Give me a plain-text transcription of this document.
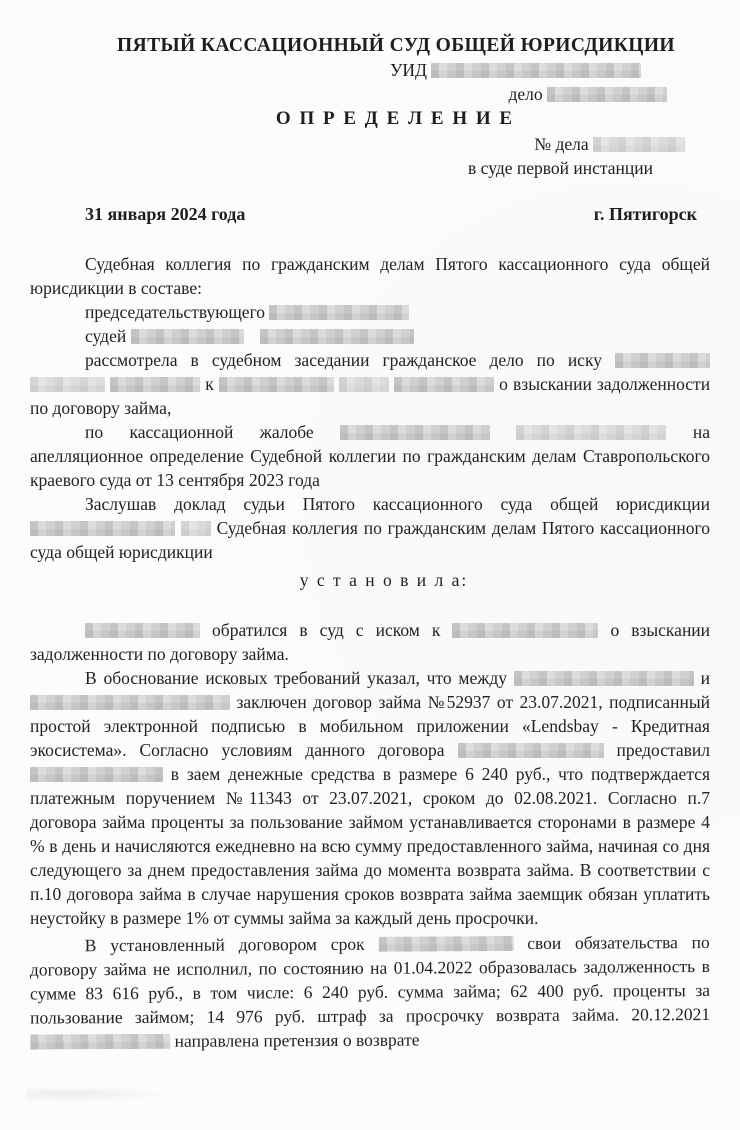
ПЯТЫЙ КАССАЦИОННЫЙ СУД ОБЩЕЙ ЮРИСДИКЦИИ
УИД
дело
О П Р Е Д Е Л Е Н И Е
№ дела
в суде первой инстанции
31 января 2024 года	г. Пятигорск

Судебная коллегия по гражданским делам Пятого кассационного суда общей юрисдикции в составе:

председательствующего

судей

рассмотрела в судебном заседании гражданское дело по иску    к	о взыскании задолженности по договору займа,

по кассационной жалобе	на апелляционное определение Судебной коллегии по гражданским делам Ставропольского краевого суда от 13 сентября 2023 года

Заслушав доклад судьи Пятого кассационного суда общей юрисдикции   Судебная коллегия по гражданским делам Пятого кассационного суда общей юрисдикции

у с т а н о в и л а:

обратился в суд с иском к	о взыскании задолженности по договору займа.

В обоснование исковых требований указал, что между	и  заключен договор займа №52937 от 23.07.2021, подписанный простой электронной подписью в мобильном приложении «Lendsbay - Кредитная экосистема». Согласно условиям данного договора	предоставил  в заем денежные средства в размере 6 240 руб., что подтверждается платежным поручением №11343 от 23.07.2021, сроком до 02.08.2021. Согласно п.7 договора займа проценты за пользование займом устанавливается сторонами в размере 4 % в день и начисляются ежедневно на всю сумму предоставленного займа, начиная со дня следующего за днем предоставления займа до момента возврата займа. В соответствии с п.10 договора займа в случае нарушения сроков возврата займа заемщик обязан уплатить неустойку в размере 1% от суммы займа за каждый день просрочки.

В установленный договором срок	свои обязательства по договору займа не исполнил, по состоянию на 01.04.2022 образовалась задолженность в сумме 83 616 руб., в том числе: 6 240 руб. сумма займа; 62 400 руб. проценты за пользование займом; 14 976 руб. штраф за просрочку возврата займа. 20.12.2021  направлена претензия о возврате
